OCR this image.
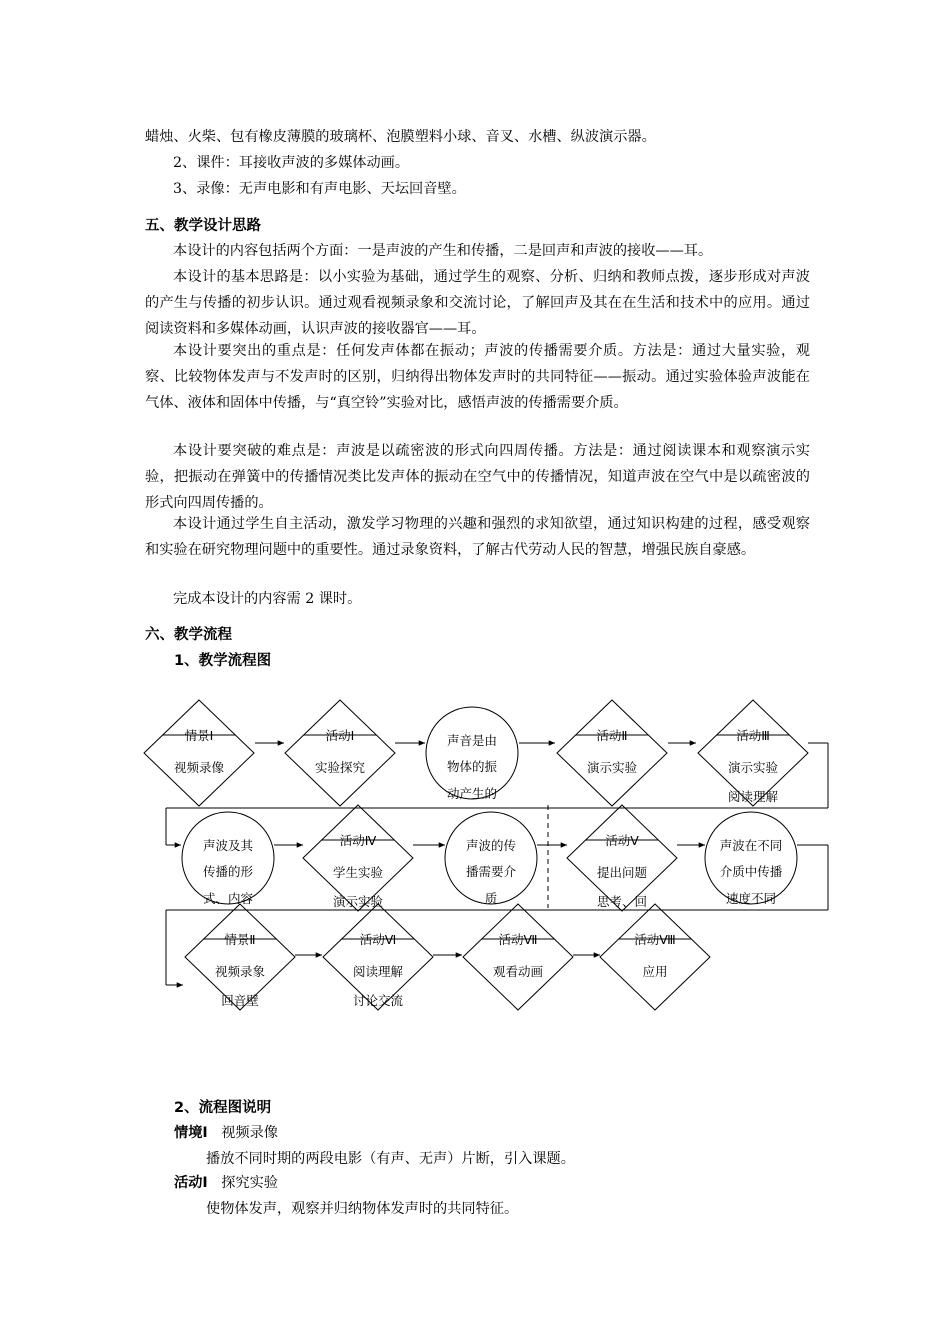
蜡烛、火柴、包有橡皮薄膜的玻璃杯、泡膜塑料小球、音叉、水槽、纵波演示器。

2、课件：耳接收声波的多媒体动画。

3、录像：无声电影和有声电影、天坛回音壁。

五、教学设计思路

本设计的内容包括两个方面：一是声波的产生和传播，二是回声和声波的接收——耳。

本设计的基本思路是：以小实验为基础，通过学生的观察、分析、归纳和教师点拨，逐步形成对声波的产生与传播的初步认识。通过观看视频录象和交流讨论，了解回声及其在在生活和技术中的应用。通过阅读资料和多媒体动画，认识声波的接收器官——耳。

本设计要突出的重点是：任何发声体都在振动；声波的传播需要介质。方法是：通过大量实验，观察、比较物体发声与不发声时的区别，归纳得出物体发声时的共同特征——振动。通过实验体验声波能在气体、液体和固体中传播，与“真空铃”实验对比，感悟声波的传播需要介质。

本设计要突破的难点是：声波是以疏密波的形式向四周传播。方法是：通过阅读课本和观察演示实验，把振动在弹簧中的传播情况类比发声体的振动在空气中的传播情况，知道声波在空气中是以疏密波的形式向四周传播的。

本设计通过学生自主活动，激发学习物理的兴趣和强烈的求知欲望，通过知识构建的过程，感受观察和实验在研究物理问题中的重要性。通过录象资料，了解古代劳动人民的智慧，增强民族自豪感。

完成本设计的内容需 2 课时。

六、教学流程

1、教学流程图

情景Ⅰ
视频录像
活动Ⅰ
实验探究
声音是由
物体的振
动产生的
活动Ⅱ
演示实验
活动Ⅲ
演示实验
阅读理解
声波及其
传播的形
式、内容
活动Ⅳ
学生实验
演示实验
声波的传
播需要介
质
活动Ⅴ
提出问题
思考、回
声波在不同
介质中传播
速度不同
情景Ⅱ
视频录象
回音壁
活动Ⅵ
阅读理解
讨论交流
活动Ⅶ
观看动画
活动Ⅷ
应用

2、流程图说明

情境Ⅰ 视频录像

播放不同时期的两段电影（有声、无声）片断，引入课题。

活动Ⅰ 探究实验

使物体发声，观察并归纳物体发声时的共同特征。
